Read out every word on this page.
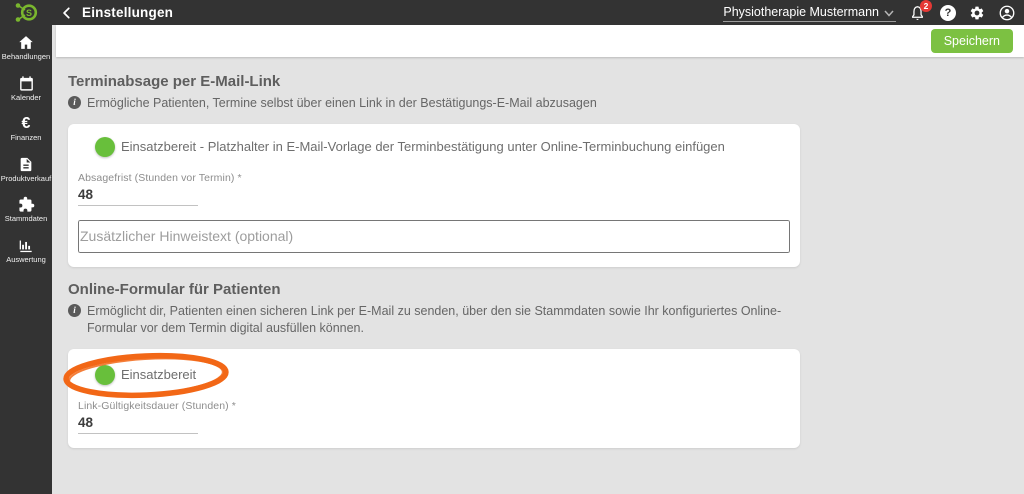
S	Einstellungen	Physiotherapie Mustermann	2
?
Behandlungen
Kalender
€
Finanzen
Produktverkauf
Stammdaten
Auswertung
Speichern
Terminabsage per E-Mail-Link
i Ermögliche Patienten, Termine selbst über einen Link in der Bestätigungs-E-Mail abzusagen
Einsatzbereit - Platzhalter in E-Mail-Vorlage der Terminbestätigung unter Online-Terminbuchung einfügen
Absagefrist (Stunden vor Termin) *
48
Zusätzlicher Hinweistext (optional)
Online-Formular für Patienten
i Ermöglicht dir, Patienten einen sicheren Link per E-Mail zu senden, über den sie Stammdaten sowie Ihr konfiguriertes Online-Formular vor dem Termin digital ausfüllen können.
Einsatzbereit
Link-Gültigkeitsdauer (Stunden) *
48
